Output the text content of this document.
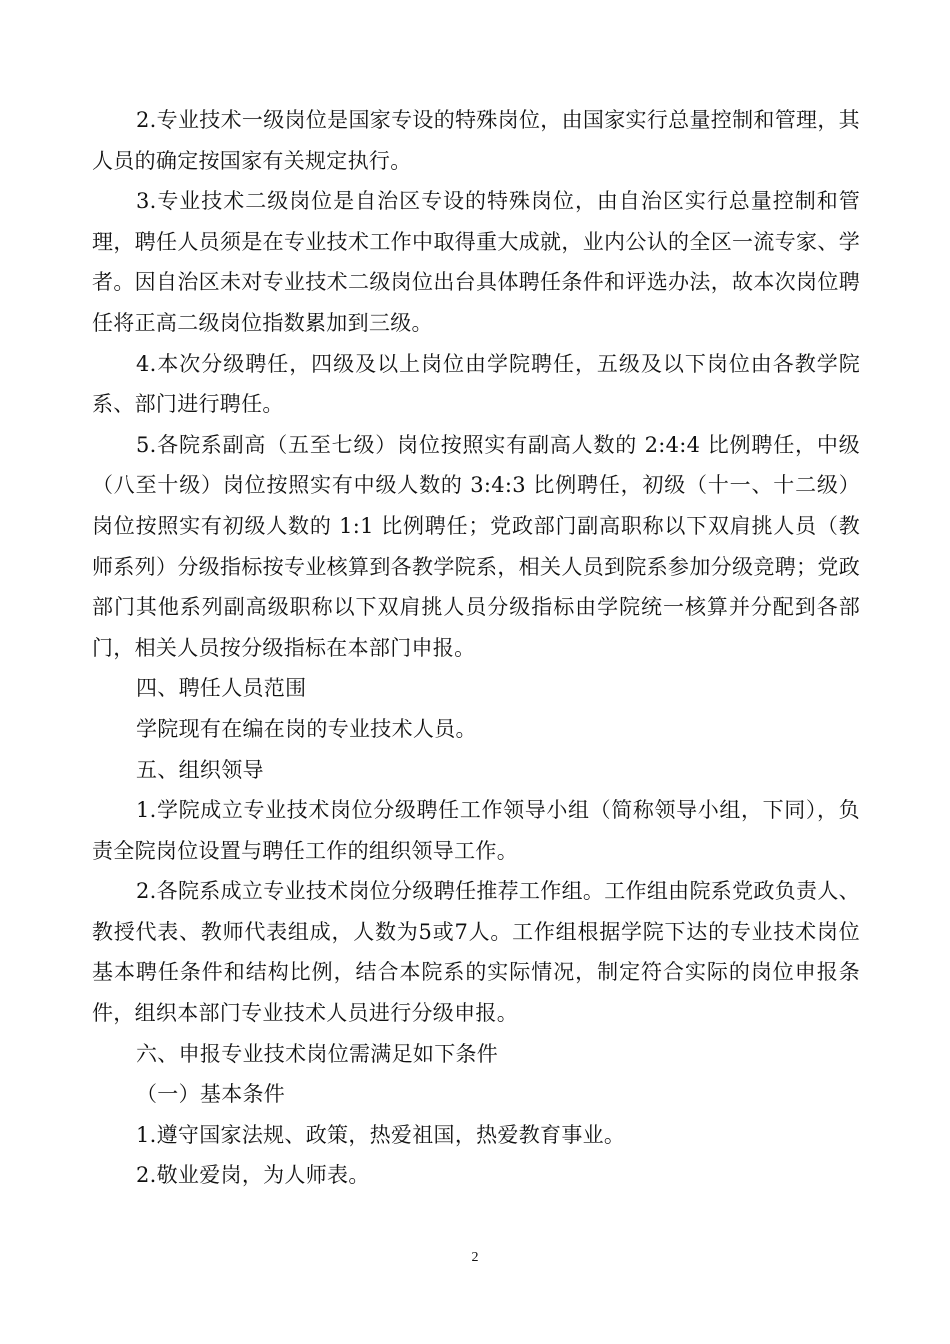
2.专业技术一级岗位是国家专设的特殊岗位，由国家实行总量控制和管理，其人员的确定按国家有关规定执行。

3.专业技术二级岗位是自治区专设的特殊岗位，由自治区实行总量控制和管理，聘任人员须是在专业技术工作中取得重大成就，业内公认的全区一流专家、学者。因自治区未对专业技术二级岗位出台具体聘任条件和评选办法，故本次岗位聘任将正高二级岗位指数累加到三级。

4.本次分级聘任，四级及以上岗位由学院聘任，五级及以下岗位由各教学院系、部门进行聘任。

5.各院系副高（五至七级）岗位按照实有副高人数的 2:4:4 比例聘任，中级（八至十级）岗位按照实有中级人数的 3:4:3 比例聘任，初级（十一、十二级）岗位按照实有初级人数的 1:1 比例聘任；党政部门副高职称以下双肩挑人员（教师系列）分级指标按专业核算到各教学院系，相关人员到院系参加分级竞聘；党政部门其他系列副高级职称以下双肩挑人员分级指标由学院统一核算并分配到各部门，相关人员按分级指标在本部门申报。

四、聘任人员范围

学院现有在编在岗的专业技术人员。

五、组织领导

1.学院成立专业技术岗位分级聘任工作领导小组（简称领导小组，下同），负责全院岗位设置与聘任工作的组织领导工作。

2.各院系成立专业技术岗位分级聘任推荐工作组。工作组由院系党政负责人、教授代表、教师代表组成，人数为5或7人。工作组根据学院下达的专业技术岗位基本聘任条件和结构比例，结合本院系的实际情况，制定符合实际的岗位申报条件，组织本部门专业技术人员进行分级申报。

六、申报专业技术岗位需满足如下条件

（一）基本条件

1.遵守国家法规、政策，热爱祖国，热爱教育事业。

2.敬业爱岗，为人师表。

2
